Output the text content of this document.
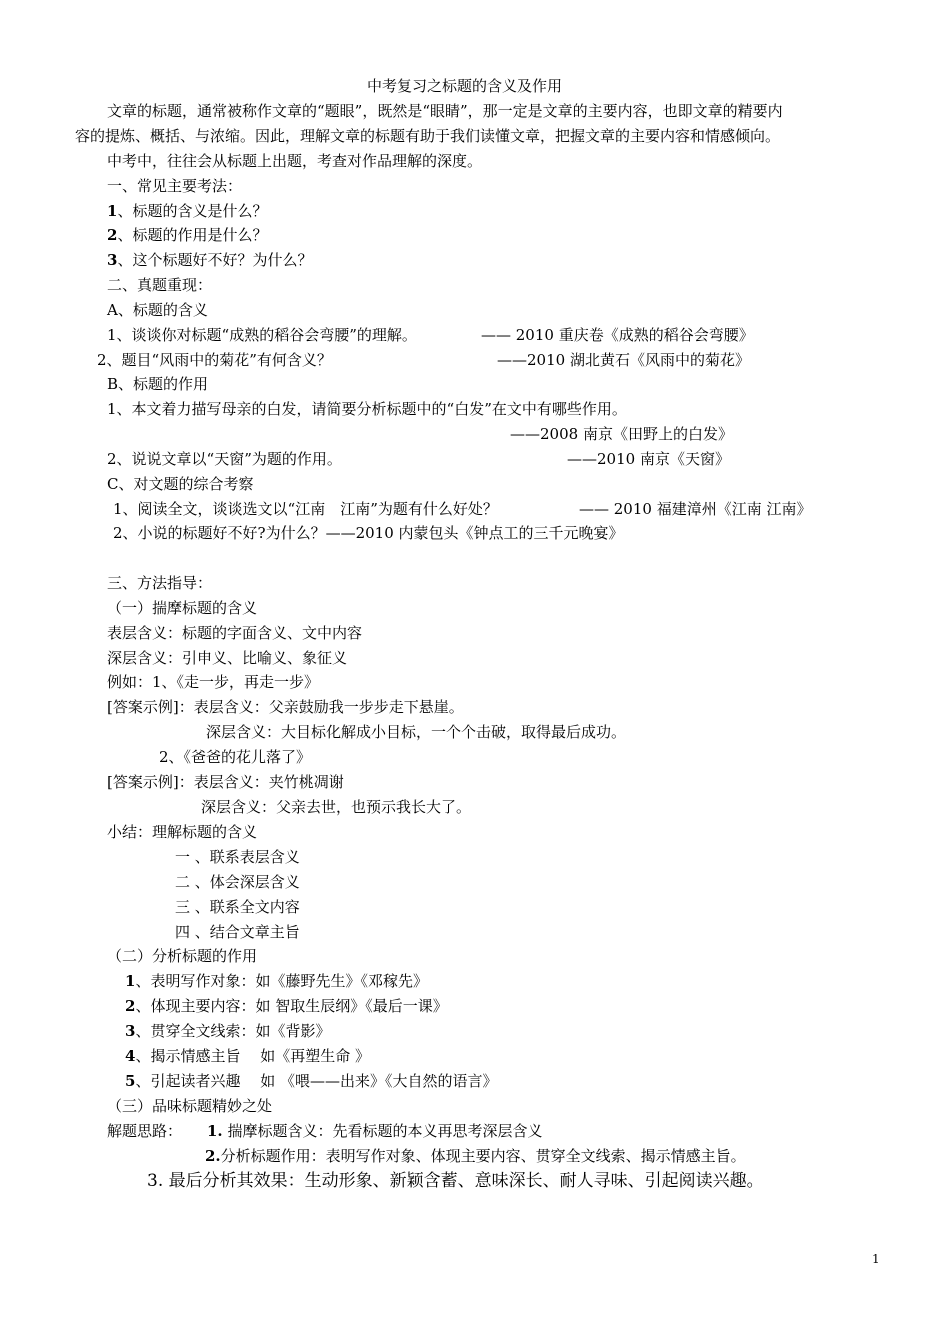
中考复习之标题的含义及作用
文章的标题，通常被称作文章的“题眼”，既然是“眼睛”，那一定是文章的主要内容，也即文章的精要内
容的提炼、概括、与浓缩。因此，理解文章的标题有助于我们读懂文章，把握文章的主要内容和情感倾向。
中考中，往往会从标题上出题，考查对作品理解的深度。
一、常见主要考法：
1、标题的含义是什么？
2、标题的作用是什么？
3、这个标题好不好？为什么？
二、真题重现：
A、标题的含义
1、谈谈你对标题“成熟的稻谷会弯腰”的理解。	—— 2010 重庆卷《成熟的稻谷会弯腰》
2、题目“风雨中的菊花”有何含义？	——2010 湖北黄石《风雨中的菊花》
B、标题的作用
1、本文着力描写母亲的白发，请简要分析标题中的“白发”在文中有哪些作用。
——2008 南京《田野上的白发》
2、说说文章以“天窗”为题的作用。	——2010 南京《天窗》
C、对文题的综合考察
1、阅读全文，谈谈选文以“江南　江南”为题有什么好处？	—— 2010 福建漳州《江南 江南》
2、小说的标题好不好?为什么？——2010 内蒙包头《钟点工的三千元晚宴》
三、方法指导：
（一）揣摩标题的含义
表层含义：标题的字面含义、文中内容
深层含义：引申义、比喻义、象征义
例如：1、《走一步，再走一步》
[答案示例]：表层含义：父亲鼓励我一步步走下悬崖。
深层含义：大目标化解成小目标，一个个击破，取得最后成功。
2、《爸爸的花儿落了》
[答案示例]：表层含义：夹竹桃凋谢
深层含义：父亲去世，也预示我长大了。
小结：理解标题的含义
一 、联系表层含义
二 、体会深层含义
三 、联系全文内容
四 、结合文章主旨
（二）分析标题的作用
1、表明写作对象：如《藤野先生》《邓稼先》
2、体现主要内容：如 智取生辰纲》《最后一课》
3、贯穿全文线索：如《背影》
4、揭示情感主旨　 如《再塑生命 》
5、引起读者兴趣　 如 《喂——出来》《大自然的语言》
（三）品味标题精妙之处
解题思路： 1. 揣摩标题含义：先看标题的本义再思考深层含义
2.分析标题作用：表明写作对象、体现主要内容、贯穿全文线索、揭示情感主旨。
3. 最后分析其效果：生动形象、新颖含蓄、意味深长、耐人寻味、引起阅读兴趣。
1
